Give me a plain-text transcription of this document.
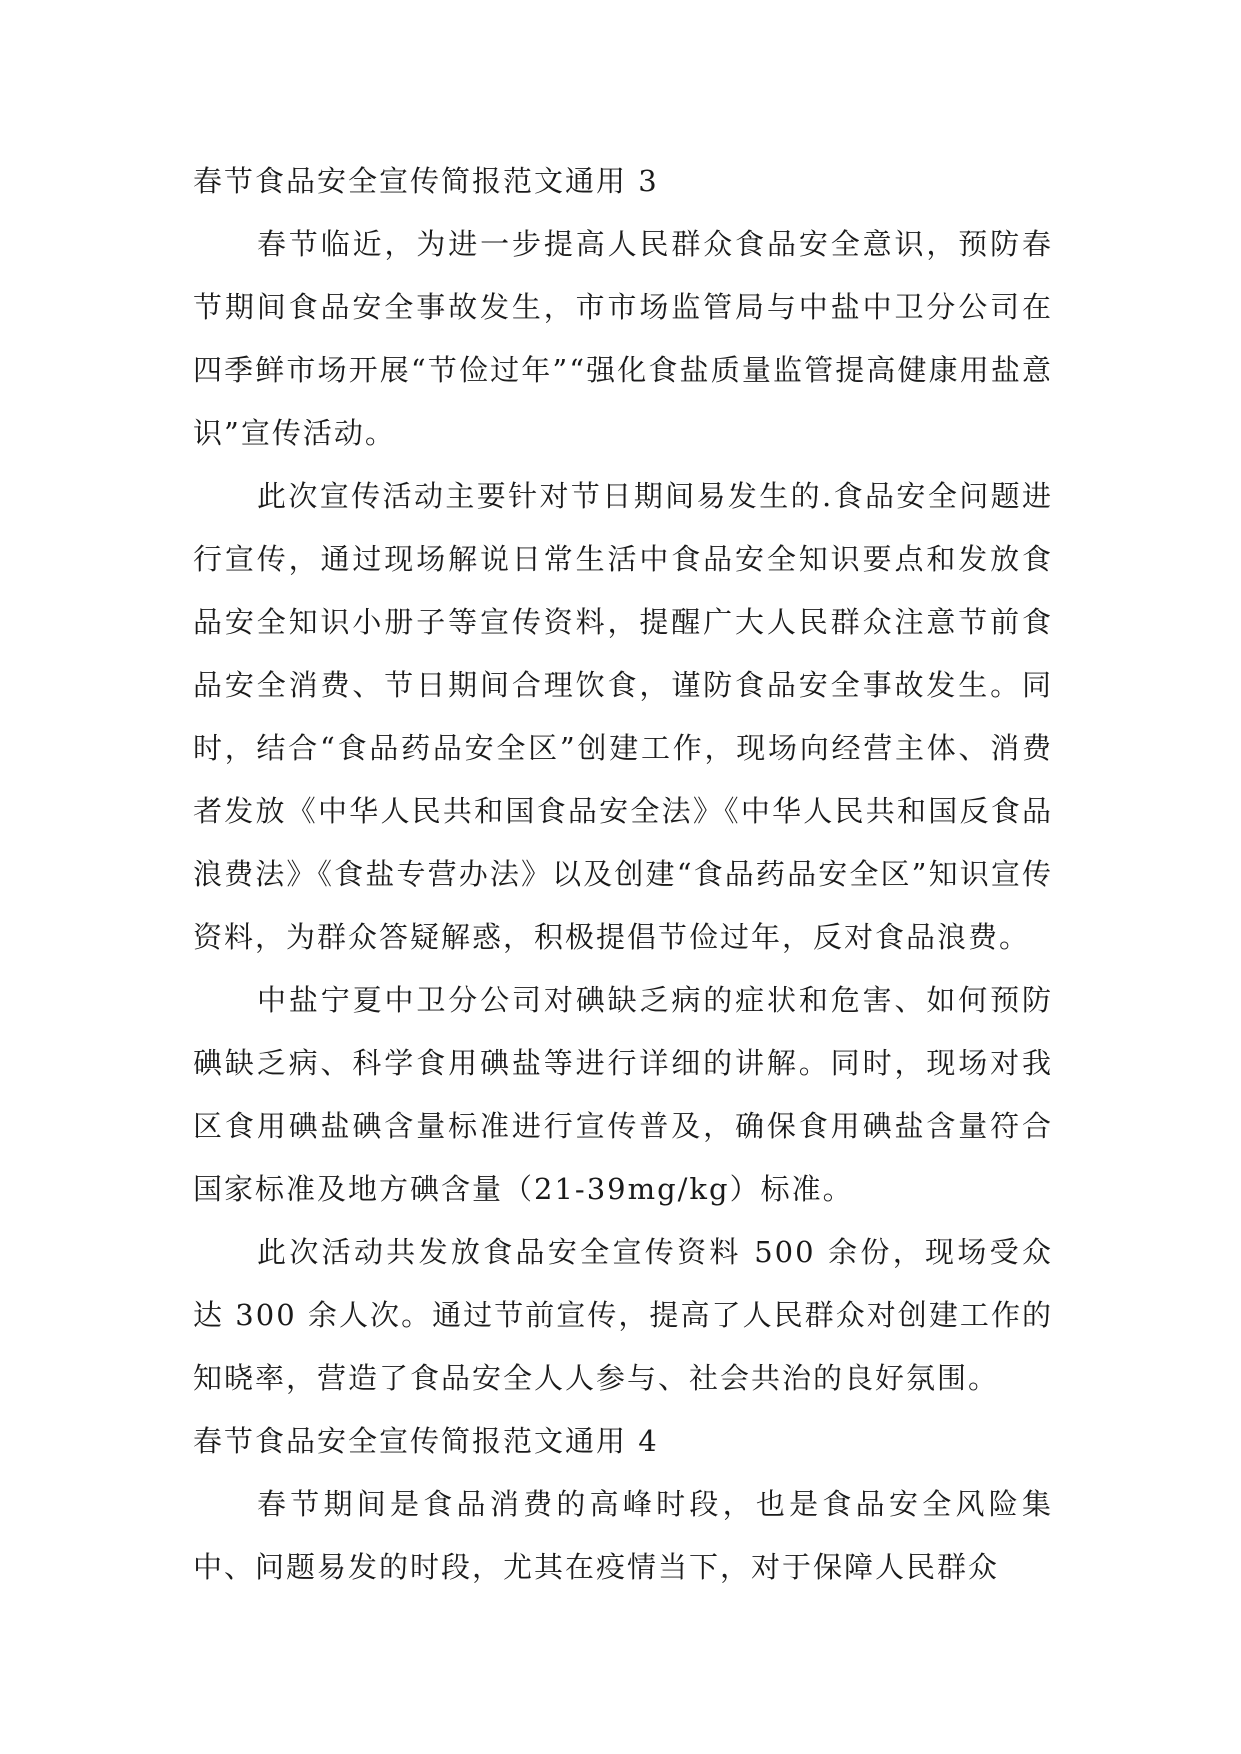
春节食品安全宣传简报范文通用 3

春节临近，为进一步提高人民群众食品安全意识，预防春节期间食品安全事故发生，市市场监管局与中盐中卫分公司在四季鲜市场开展“节俭过年”“强化食盐质量监管提高健康用盐意识”宣传活动。

此次宣传活动主要针对节日期间易发生的.食品安全问题进行宣传，通过现场解说日常生活中食品安全知识要点和发放食品安全知识小册子等宣传资料，提醒广大人民群众注意节前食品安全消费、节日期间合理饮食，谨防食品安全事故发生。同时，结合“食品药品安全区”创建工作，现场向经营主体、消费者发放《中华人民共和国食品安全法》《中华人民共和国反食品浪费法》《食盐专营办法》以及创建“食品药品安全区”知识宣传资料，为群众答疑解惑，积极提倡节俭过年，反对食品浪费。

中盐宁夏中卫分公司对碘缺乏病的症状和危害、如何预防碘缺乏病、科学食用碘盐等进行详细的讲解。同时，现场对我区食用碘盐碘含量标准进行宣传普及，确保食用碘盐含量符合国家标准及地方碘含量（21-39mg/kg）标准。

此次活动共发放食品安全宣传资料 500 余份，现场受众达 300 余人次。通过节前宣传，提高了人民群众对创建工作的知晓率，营造了食品安全人人参与、社会共治的良好氛围。

春节食品安全宣传简报范文通用 4

春节期间是食品消费的高峰时段，也是食品安全风险集中、问题易发的时段，尤其在疫情当下，对于保障人民群众
